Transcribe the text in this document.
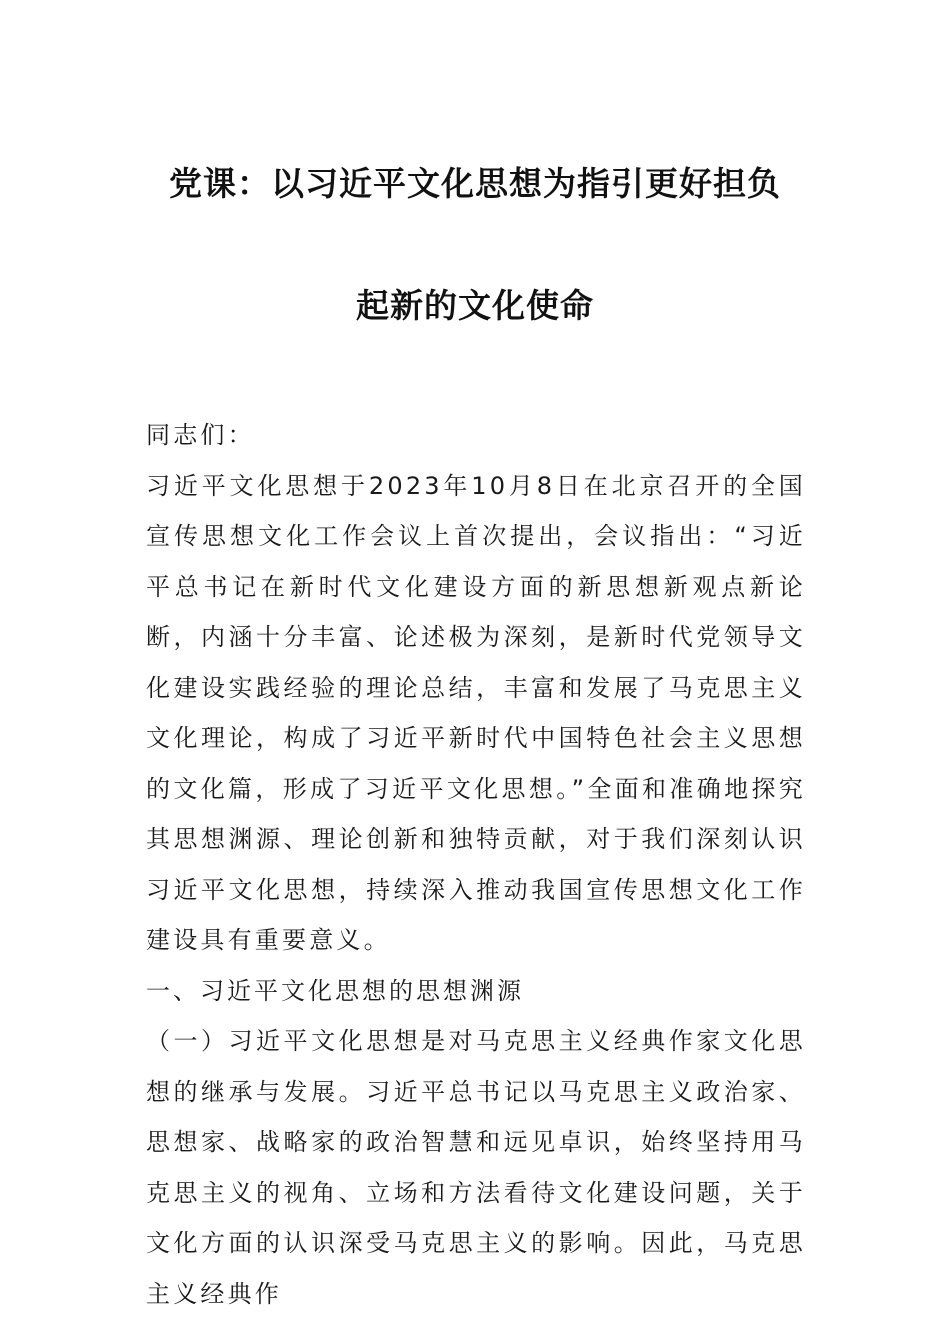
党课：以习近平文化思想为指引更好担负
起新的文化使命

同志们：

习近平文化思想于2023年10月8日在北京召开的全国宣传思想文化工作会议上首次提出，会议指出：“习近平总书记在新时代文化建设方面的新思想新观点新论断，内涵十分丰富、论述极为深刻，是新时代党领导文化建设实践经验的理论总结，丰富和发展了马克思主义文化理论，构成了习近平新时代中国特色社会主义思想的文化篇，形成了习近平文化思想。”全面和准确地探究其思想渊源、理论创新和独特贡献，对于我们深刻认识习近平文化思想，持续深入推动我国宣传思想文化工作建设具有重要意义。

一、习近平文化思想的思想渊源

（一）习近平文化思想是对马克思主义经典作家文化思想的继承与发展。习近平总书记以马克思主义政治家、思想家、战略家的政治智慧和远见卓识，始终坚持用马克思主义的视角、立场和方法看待文化建设问题，关于文化方面的认识深受马克思主义的影响。因此，马克思主义经典作
